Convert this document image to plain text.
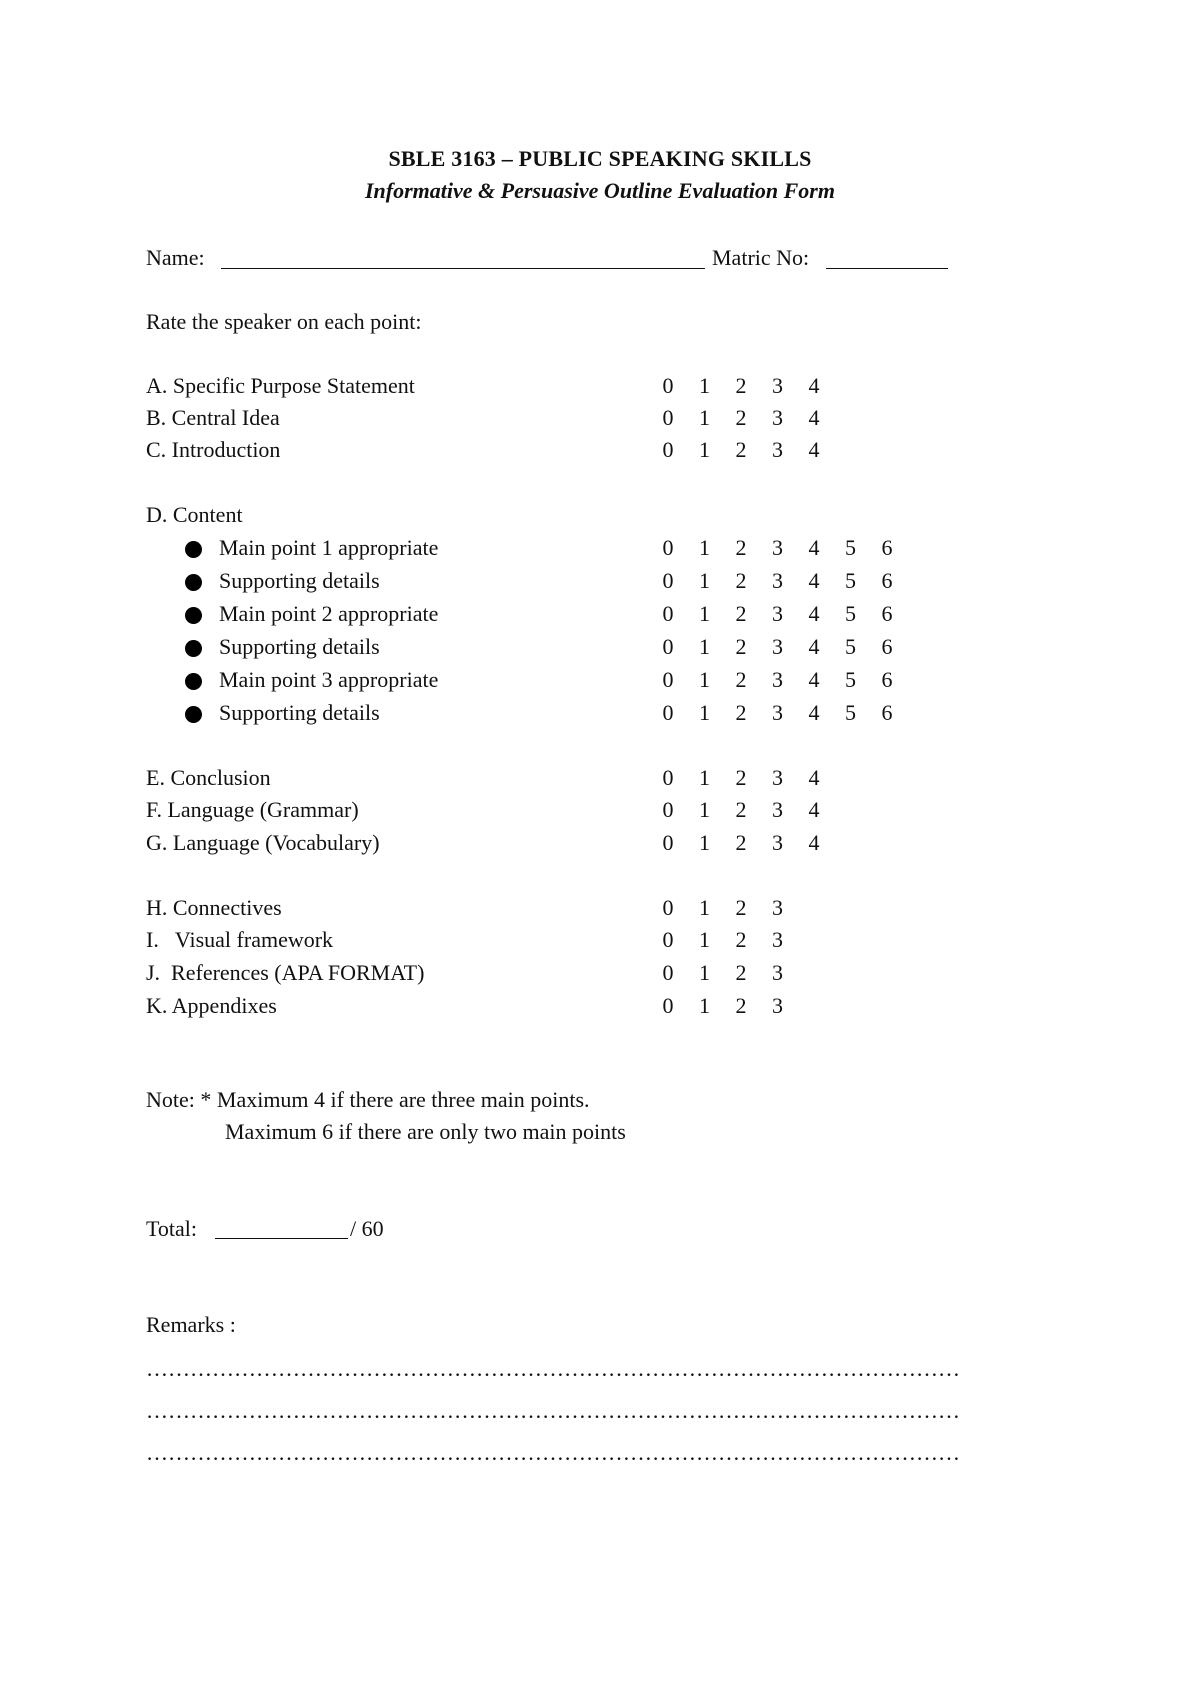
SBLE 3163 – PUBLIC SPEAKING SKILLS
Informative & Persuasive Outline Evaluation Form
Name:	Matric No:
Rate the speaker on each point:
A. Specific Purpose Statement	0 1 2 3 4
B. Central Idea	0 1 2 3 4
C. Introduction	0 1 2 3 4
D. Content
Main point 1 appropriate	0 1 2 3 4 5 6
Supporting details	0 1 2 3 4 5 6
Main point 2 appropriate	0 1 2 3 4 5 6
Supporting details	0 1 2 3 4 5 6
Main point 3 appropriate	0 1 2 3 4 5 6
Supporting details	0 1 2 3 4 5 6
E. Conclusion	0 1 2 3 4
F. Language (Grammar)	0 1 2 3 4
G. Language (Vocabulary)	0 1 2 3 4
H. Connectives	0 1 2 3
I.   Visual framework	0 1 2 3
J.  References (APA FORMAT)	0 1 2 3
K. Appendixes	0 1 2 3
Note: * Maximum 4 if there are three main points.
Maximum 6 if there are only two main points
Total:	/ 60
Remarks :
…………………………………………………………………………………………………
…………………………………………………………………………………………………
…………………………………………………………………………………………………
